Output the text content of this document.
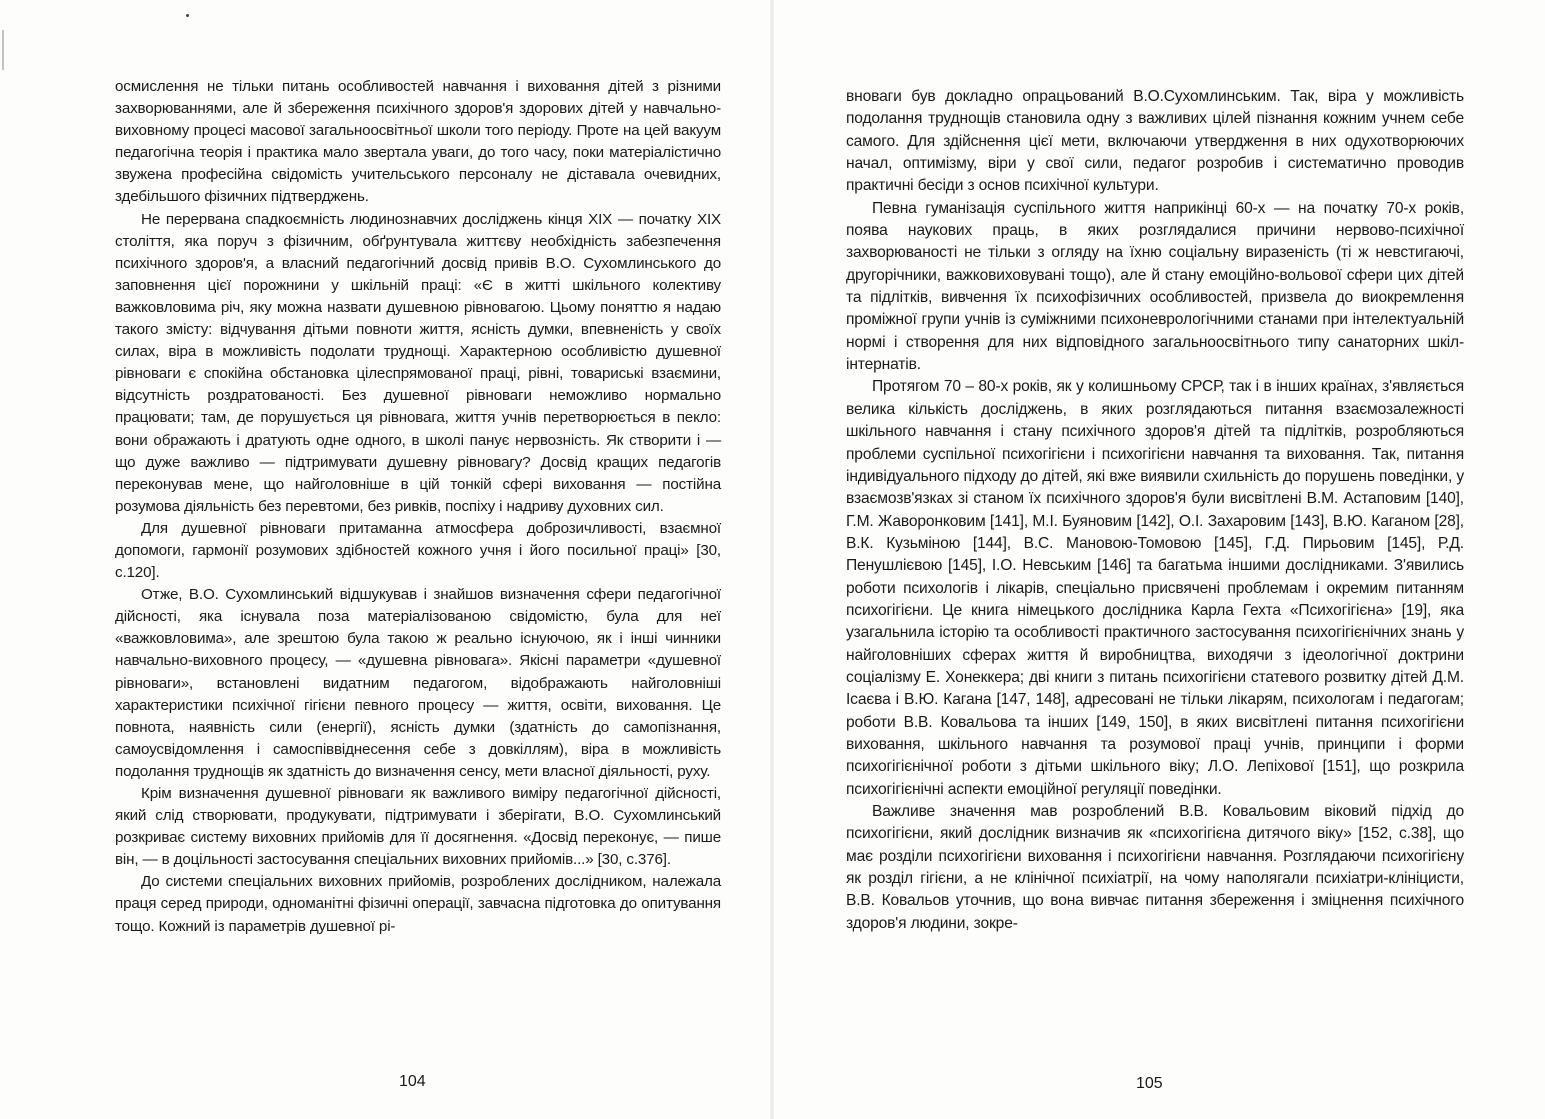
осмислення не тільки питань особливостей навчання і виховання дітей з різними захворюваннями, але й збереження психічного здоров'я здорових дітей у навчально-виховному процесі масової загальноосвітньої школи того періоду. Проте на цей вакуум педагогічна теорія і практика мало звертала уваги, до того часу, поки матеріалістично звужена професійна свідомість учительського персоналу не діставала очевидних, здебільшого фізичних підтверджень.

Не перервана спадкоємність людинознавчих досліджень кінця XIX — початку XIX століття, яка поруч з фізичним, обґрунтувала життєву необхідність забезпечення психічного здоров'я, а власний педагогічний досвід привів В.О. Сухомлинського до заповнення цієї порожнини у шкільній праці: «Є в житті шкільного колективу важковловима річ, яку можна назвати душевною рівновагою. Цьому поняттю я надаю такого змісту: відчування дітьми повноти життя, ясність думки, впевненість у своїх силах, віра в можливість подолати труднощі. Характерною особливістю душевної рівноваги є спокійна обстановка цілеспрямованої праці, рівні, товариські взаємини, відсутність роздратованості. Без душевної рівноваги неможливо нормально працювати; там, де порушується ця рівновага, життя учнів перетворюється в пекло: вони ображають і дратують одне одного, в школі панує нервозність. Як створити і — що дуже важливо — підтримувати душевну рівновагу? Досвід кращих педагогів переконував мене, що найголовніше в цій тонкій сфері виховання — постійна розумова діяльність без перевтоми, без ривків, поспіху і надриву духовних сил.

Для душевної рівноваги притаманна атмосфера доброзичливості, взаємної допомоги, гармонії розумових здібностей кожного учня і його посильної праці» [30, с.120].

Отже, В.О. Сухомлинський відшукував і знайшов визначення сфери педагогічної дійсності, яка існувала поза матеріалізованою свідомістю, була для неї «важковловима», але зрештою була такою ж реально існуючою, як і інші чинники навчально-виховного процесу, — «душевна рівновага». Якісні параметри «душевної рівноваги», встановлені видатним педагогом, відображають найголовніші характеристики психічної гігієни певного процесу — життя, освіти, виховання. Це повнота, наявність сили (енергії), ясність думки (здатність до самопізнання, самоусвідомлення і самоспіввіднесення себе з довкіллям), віра в можливість подолання труднощів як здатність до визначення сенсу, мети власної діяльності, руху.

Крім визначення душевної рівноваги як важливого виміру педагогічної дійсності, який слід створювати, продукувати, підтримувати і зберігати, В.О. Сухомлинський розкриває систему виховних прийомів для її досягнення. «Досвід переконує, — пише він, — в доцільності застосування спеціальних виховних прийомів...» [30, с.376].

До системи спеціальних виховних прийомів, розроблених дослідником, належала праця серед природи, одноманітні фізичні операції, завчасна підготовка до опитування тощо. Кожний із параметрів душевної рі-

104

вноваги був докладно опрацьований В.О.Сухомлинським. Так, віра у можливість подолання труднощів становила одну з важливих цілей пізнання кожним учнем себе самого. Для здійснення цієї мети, включаючи утвердження в них одухотворюючих начал, оптимізму, віри у свої сили, педагог розробив і систематично проводив практичні бесіди з основ психічної культури.

Певна гуманізація суспільного життя наприкінці 60-х — на початку 70-х років, поява наукових праць, в яких розглядалися причини нервово-психічної захворюваності не тільки з огляду на їхню соціальну виразеність (ті ж невстигаючі, другорічники, важковиховувані тощо), але й стану емоційно-вольової сфери цих дітей та підлітків, вивчення їх психофізичних особливостей, призвела до виокремлення проміжної групи учнів із суміжними психоневрологічними станами при інтелектуальній нормі і створення для них відповідного загальноосвітнього типу санаторних шкіл-інтернатів.

Протягом 70 – 80-х років, як у колишньому СРСР, так і в інших країнах, з'являється велика кількість досліджень, в яких розглядаються питання взаємозалежності шкільного навчання і стану психічного здоров'я дітей та підлітків, розробляються проблеми суспільної психогігієни і психогігієни навчання та виховання. Так, питання індивідуального підходу до дітей, які вже виявили схильність до порушень поведінки, у взаємозв'язках зі станом їх психічного здоров'я були висвітлені В.М. Астаповим [140], Г.М. Жаворонковим [141], М.І. Буяновим [142], О.І. Захаровим [143], В.Ю. Каганом [28], В.К. Кузьміною [144], В.С. Мановою-Томовою [145], Г.Д. Пирьовим [145], Р.Д. Пенушлієвою [145], І.О. Невським [146] та багатьма іншими дослідниками. З'явились роботи психологів і лікарів, спеціально присвячені проблемам і окремим питанням психогігієни. Це книга німецького дослідника Карла Гехта «Психогігієна» [19], яка узагальнила історію та особливості практичного застосування психогігієнічних знань у найголовніших сферах життя й виробництва, виходячи з ідеологічної доктрини соціалізму Е. Хонеккера; дві книги з питань психогігієни статевого розвитку дітей Д.М. Ісаєва і В.Ю. Кагана [147, 148], адресовані не тільки лікарям, психологам і педагогам; роботи В.В. Ковальова та інших [149, 150], в яких висвітлені питання психогігієни виховання, шкільного навчання та розумової праці учнів, принципи і форми психогігієнічної роботи з дітьми шкільного віку; Л.О. Лепіхової [151], що розкрила психогігієнічні аспекти емоційної регуляції поведінки.

Важливе значення мав розроблений В.В. Ковальовим віковий підхід до психогігієни, який дослідник визначив як «психогігієна дитячого віку» [152, с.38], що має розділи психогігієни виховання і психогігієни навчання. Розглядаючи психогігієну як розділ гігієни, а не клінічної психіатрії, на чому наполягали психіатри-клініцисти, В.В. Ковальов уточнив, що вона вивчає питання збереження і зміцнення психічного здоров'я людини, зокре-

105
